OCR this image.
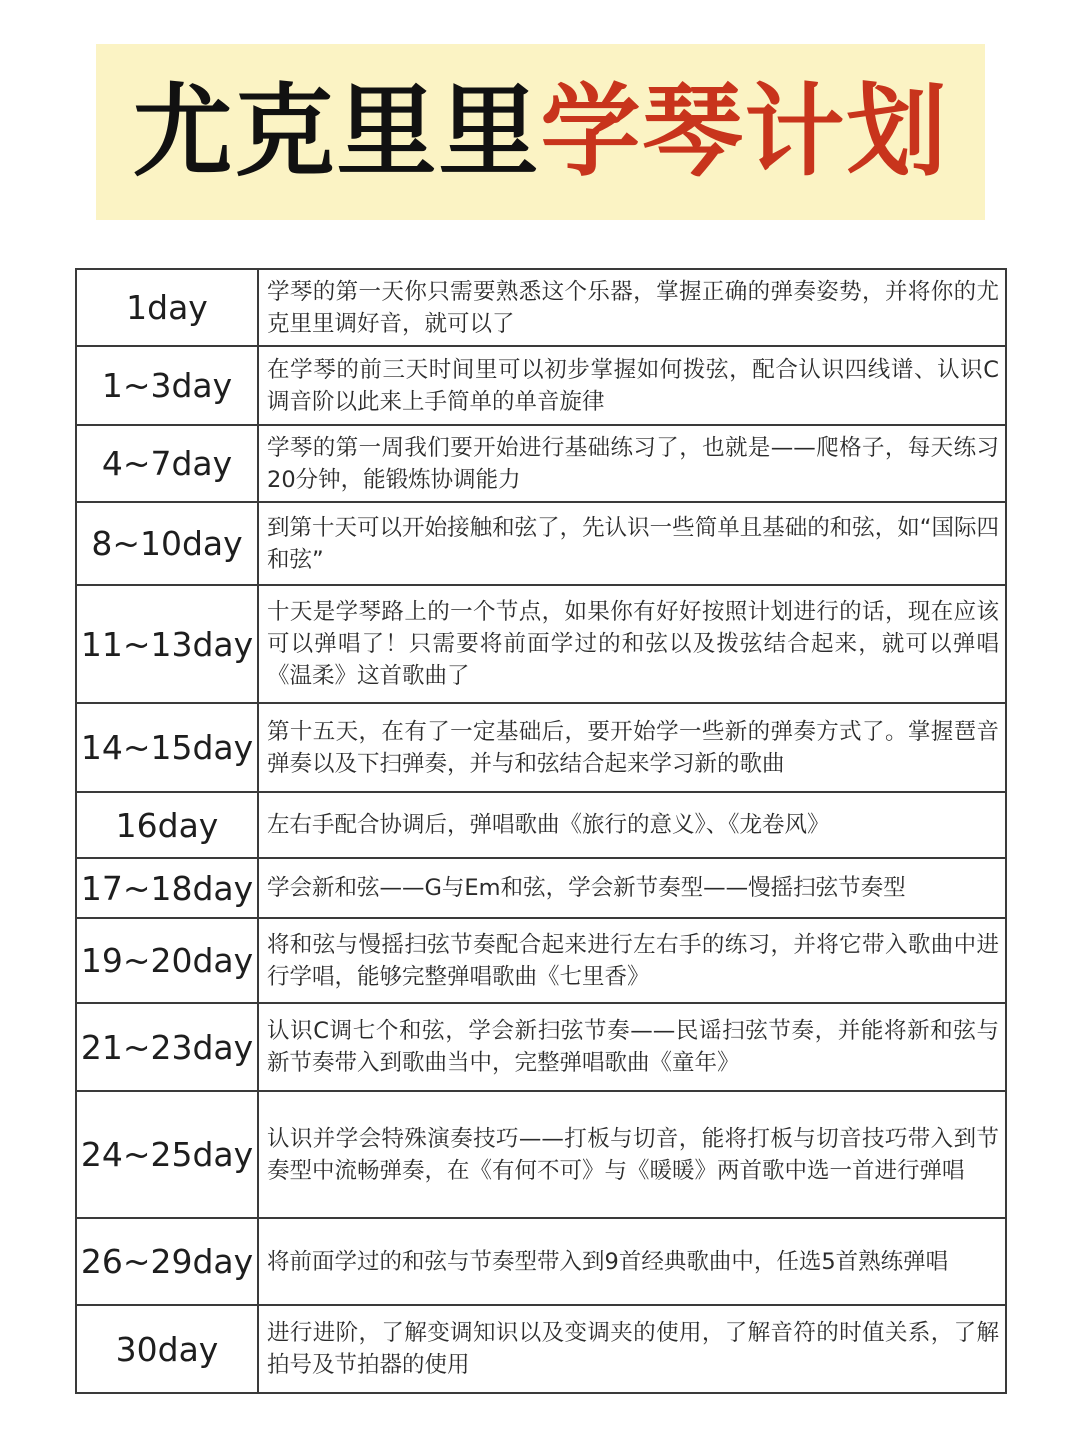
尤克里里学琴计划
1day	学琴的第一天你只需要熟悉这个乐器，掌握正确的弹奏姿势，并将你的尤克里里调好音，就可以了
1~3day	在学琴的前三天时间里可以初步掌握如何拨弦，配合认识四线谱、认识C调音阶以此来上手简单的单音旋律
4~7day	学琴的第一周我们要开始进行基础练习了，也就是——爬格子，每天练习20分钟，能锻炼协调能力
8~10day	到第十天可以开始接触和弦了，先认识一些简单且基础的和弦，如“国际四和弦”
11~13day	十天是学琴路上的一个节点，如果你有好好按照计划进行的话，现在应该可以弹唱了！只需要将前面学过的和弦以及拨弦结合起来，就可以弹唱《温柔》这首歌曲了
14~15day	第十五天，在有了一定基础后，要开始学一些新的弹奏方式了。掌握琶音弹奏以及下扫弹奏，并与和弦结合起来学习新的歌曲
16day	左右手配合协调后，弹唱歌曲《旅行的意义》、《龙卷风》
17~18day	学会新和弦——G与Em和弦，学会新节奏型——慢摇扫弦节奏型
19~20day	将和弦与慢摇扫弦节奏配合起来进行左右手的练习，并将它带入歌曲中进行学唱，能够完整弹唱歌曲《七里香》
21~23day	认识C调七个和弦，学会新扫弦节奏——民谣扫弦节奏，并能将新和弦与新节奏带入到歌曲当中，完整弹唱歌曲《童年》
24~25day	认识并学会特殊演奏技巧——打板与切音，能将打板与切音技巧带入到节奏型中流畅弹奏，在《有何不可》与《暖暖》两首歌中选一首进行弹唱
26~29day	将前面学过的和弦与节奏型带入到9首经典歌曲中，任选5首熟练弹唱
30day	进行进阶，了解变调知识以及变调夹的使用，了解音符的时值关系，了解拍号及节拍器的使用
